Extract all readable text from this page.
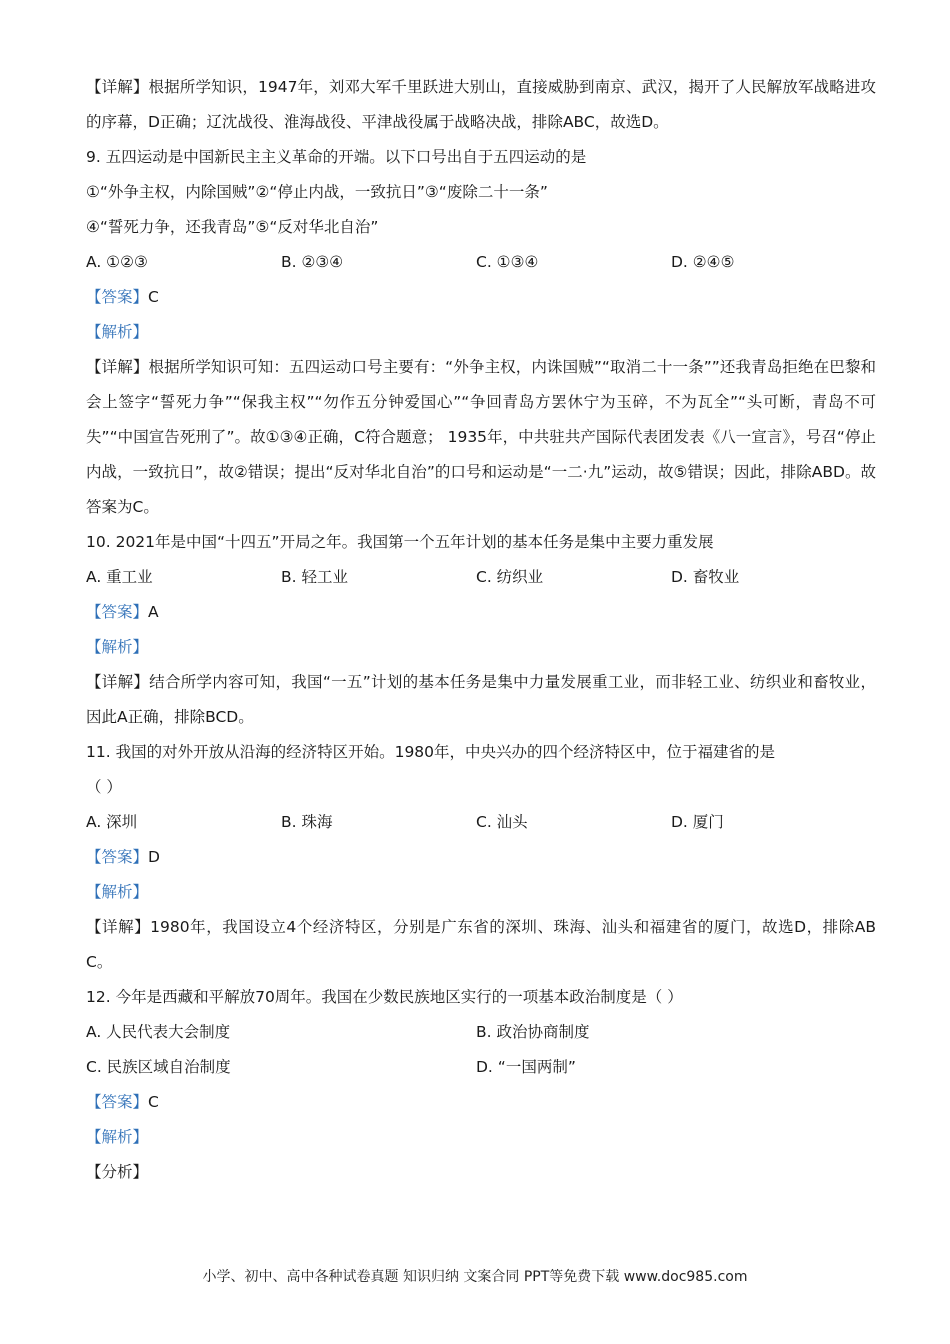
【详解】根据所学知识，1947年，刘邓大军千里跃进大别山，直接威胁到南京、武汉，揭开了人民解放军战略进攻的序幕，D正确；辽沈战役、淮海战役、平津战役属于战略决战，排除ABC，故选D。
9. 五四运动是中国新民主主义革命的开端。以下口号出自于五四运动的是
①“外争主权，内除国贼”②“停止内战，一致抗日”③“废除二十一条”
④“誓死力争，还我青岛”⑤“反对华北自治”
A. ①②③	B. ②③④	C. ①③④	D. ②④⑤
【答案】C
【解析】
【详解】根据所学知识可知：五四运动口号主要有：“外争主权，内诛国贼”“取消二十一条””还我青岛拒绝在巴黎和会上签字“誓死力争”“保我主权”“勿作五分钟爱国心”“争回青岛方罢休宁为玉碎，不为瓦全”“头可断，青岛不可失”“中国宣告死刑了”。故①③④正确，C符合题意； 1935年，中共驻共产国际代表团发表《八一宣言》，号召“停止内战，一致抗日”，故②错误；提出“反对华北自治”的口号和运动是“一二·九”运动，故⑤错误；因此，排除ABD。故答案为C。
10. 2021年是中国“十四五”开局之年。我国第一个五年计划的基本任务是集中主要力重发展
A. 重工业	B. 轻工业	C. 纺织业	D. 畜牧业
【答案】A
【解析】
【详解】结合所学内容可知，我国“一五”计划的基本任务是集中力量发展重工业，而非轻工业、纺织业和畜牧业，因此A正确，排除BCD。
11. 我国的对外开放从沿海的经济特区开始。1980年，中央兴办的四个经济特区中，位于福建省的是
（ ）
A. 深圳	B. 珠海	C. 汕头	D. 厦门
【答案】D
【解析】
【详解】1980年，我国设立4个经济特区，分别是广东省的深圳、珠海、汕头和福建省的厦门，故选D，排除ABC。
12. 今年是西藏和平解放70周年。我国在少数民族地区实行的一项基本政治制度是（ ）
A. 人民代表大会制度	B. 政治协商制度
C. 民族区域自治制度	D. “一国两制”
【答案】C
【解析】
【分析】
小学、初中、高中各种试卷真题 知识归纳 文案合同 PPT等免费下载 www.doc985.com
